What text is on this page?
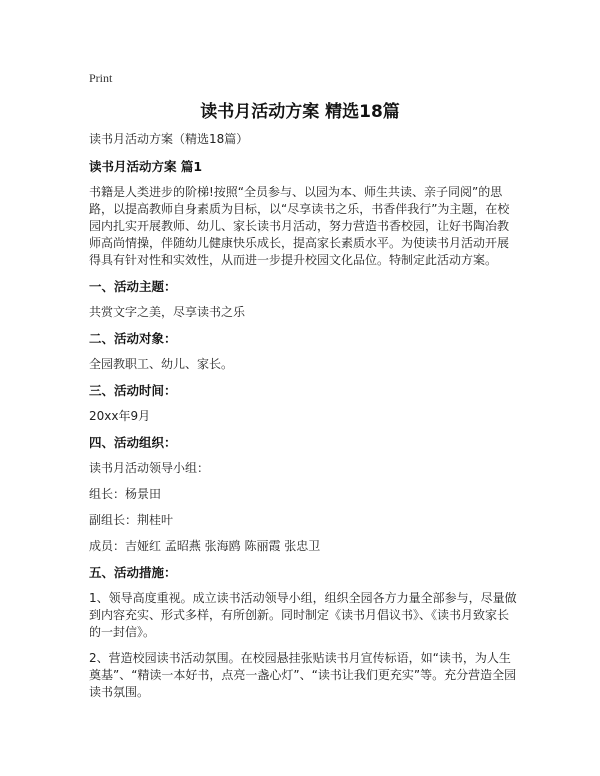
Print
读书月活动方案 精选18篇
读书月活动方案（精选18篇）
读书月活动方案 篇1
书籍是人类进步的阶梯!按照“全员参与、以园为本、师生共读、亲子同阅”的思路，以提高教师自身素质为目标，以“尽享读书之乐，书香伴我行”为主题，在校园内扎实开展教师、幼儿、家长读书月活动，努力营造书香校园，让好书陶冶教师高尚情操，伴随幼儿健康快乐成长，提高家长素质水平。为使读书月活动开展得具有针对性和实效性，从而进一步提升校园文化品位。特制定此活动方案。
一、活动主题：
共赏文字之美，尽享读书之乐
二、活动对象：
全园教职工、幼儿、家长。
三、活动时间：
20xx年9月
四、活动组织：
读书月活动领导小组：
组长：杨景田
副组长：荆桂叶
成员：吉娅红 孟昭燕 张海鸥 陈丽霞 张忠卫
五、活动措施：
1、领导高度重视。成立读书活动领导小组，组织全园各方力量全部参与，尽量做到内容充实、形式多样，有所创新。同时制定《读书月倡议书》、《读书月致家长的一封信》。
2、营造校园读书活动氛围。在校园悬挂张贴读书月宣传标语，如“读书，为人生奠基”、“精读一本好书，点亮一盏心灯”、“读书让我们更充实”等。充分营造全园读书氛围。
